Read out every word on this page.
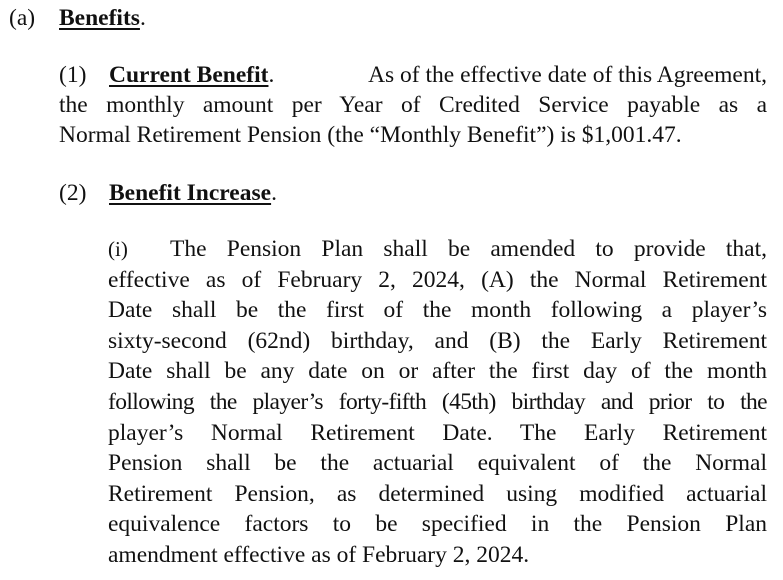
(a) Benefits.
(1) Current Benefit.	As of the effective date of this Agreement,
the monthly amount per Year of Credited Service payable as a
Normal Retirement Pension (the “Monthly Benefit”) is $1,001.47.
(2) Benefit Increase.
(i)	The Pension Plan shall be amended to provide that,
effective as of February 2, 2024, (A) the Normal Retirement
Date shall be the first of the month following a player’s
sixty-second (62nd) birthday, and (B) the Early Retirement
Date shall be any date on or after the first day of the month
following the player’s forty-fifth (45th) birthday and prior to the
player’s Normal Retirement Date. The Early Retirement
Pension shall be the actuarial equivalent of the Normal
Retirement Pension, as determined using modified actuarial
equivalence factors to be specified in the Pension Plan
amendment effective as of February 2, 2024.
